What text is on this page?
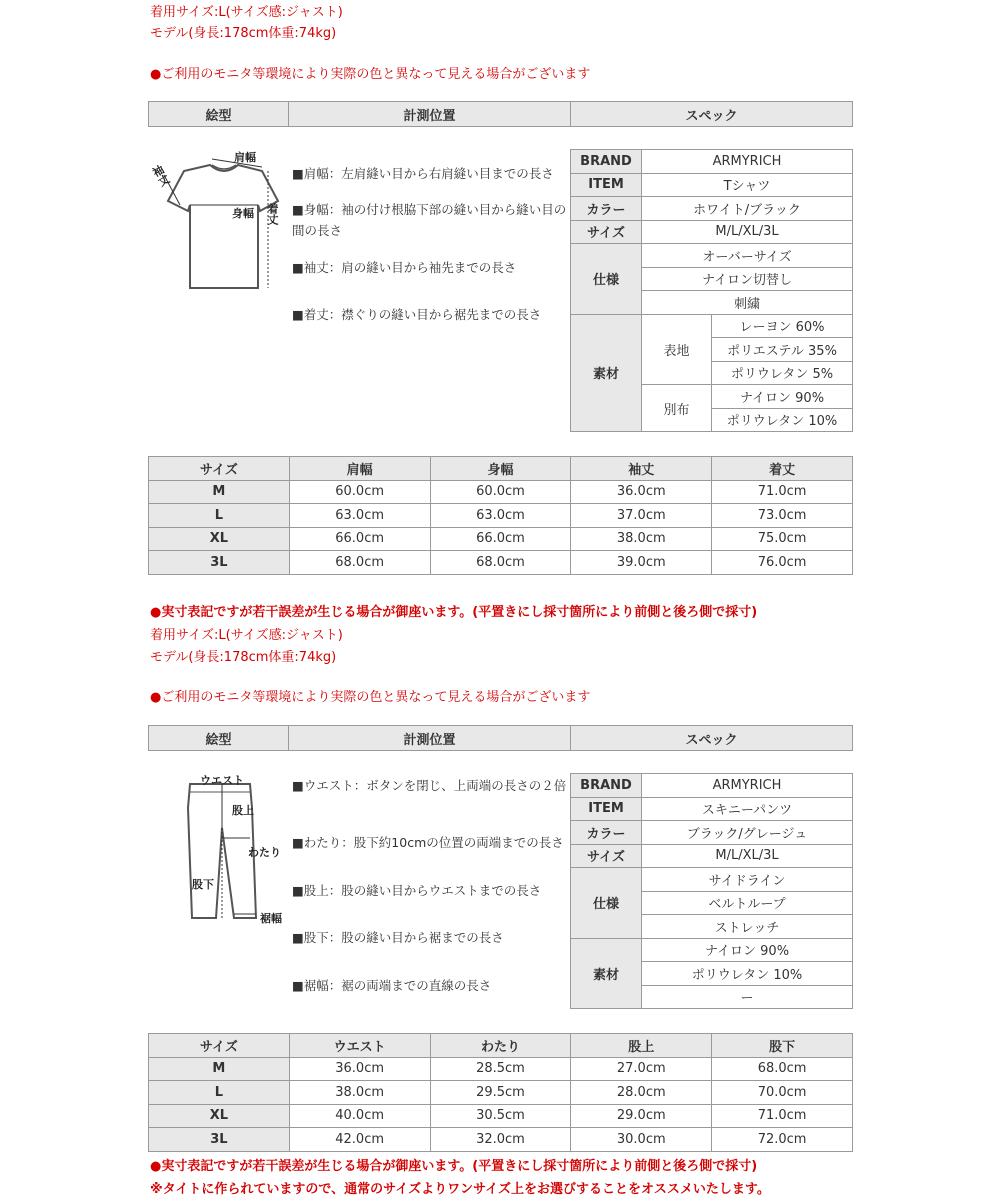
着用サイズ:L(サイズ感:ジャスト)
モデル(身長:178cm体重:74kg)
●ご利用のモニタ等環境により実際の色と異なって見える場合がございます
絵型	計測位置	スペック
肩幅
袖丈
身幅 着丈
■肩幅：左肩縫い目から右肩縫い目までの長さ
■身幅：袖の付け根脇下部の縫い目から縫い目の間の長さ
■袖丈：肩の縫い目から袖先までの長さ
■着丈：襟ぐりの縫い目から裾先までの長さ
BRAND	ARMYRICH	
ITEM	Tシャツ	
カラー	ホワイト/ブラック	
サイズ	M/L/XL/3L	
仕様	オーバーサイズ	
	ナイロン切替し	
	刺繍	
素材	表地	レーヨン 60%
		ポリエステル 35%
		ポリウレタン 5%
	別布	ナイロン 90%
		ポリウレタン 10%
サイズ	肩幅	身幅	袖丈	着丈
M	60.0cm	60.0cm	36.0cm	71.0cm
L	63.0cm	63.0cm	37.0cm	73.0cm
XL	66.0cm	66.0cm	38.0cm	75.0cm
3L	68.0cm	68.0cm	39.0cm	76.0cm
●実寸表記ですが若干誤差が生じる場合が御座います。(平置きにし採寸箇所により前側と後ろ側で採寸)
着用サイズ:L(サイズ感:ジャスト)
モデル(身長:178cm体重:74kg)
●ご利用のモニタ等環境により実際の色と異なって見える場合がございます
絵型	計測位置	スペック
ウエスト
股上
わたり
股下
裾幅
■ウエスト：ボタンを閉じ、上両端の長さの２倍
■わたり：股下約10cmの位置の両端までの長さ
■股上：股の縫い目からウエストまでの長さ
■股下：股の縫い目から裾までの長さ
■裾幅：裾の両端までの直線の長さ
BRAND	ARMYRICH
ITEM	スキニーパンツ
カラー	ブラック/グレージュ
サイズ	M/L/XL/3L
仕様	サイドライン
	ベルトループ
	ストレッチ
素材	ナイロン 90%
	ポリウレタン 10%
	ー
サイズ	ウエスト	わたり	股上	股下
M	36.0cm	28.5cm	27.0cm	68.0cm
L	38.0cm	29.5cm	28.0cm	70.0cm
XL	40.0cm	30.5cm	29.0cm	71.0cm
3L	42.0cm	32.0cm	30.0cm	72.0cm
●実寸表記ですが若干誤差が生じる場合が御座います。(平置きにし採寸箇所により前側と後ろ側で採寸)
※タイトに作られていますので、通常のサイズよりワンサイズ上をお選びすることをオススメいたします。
